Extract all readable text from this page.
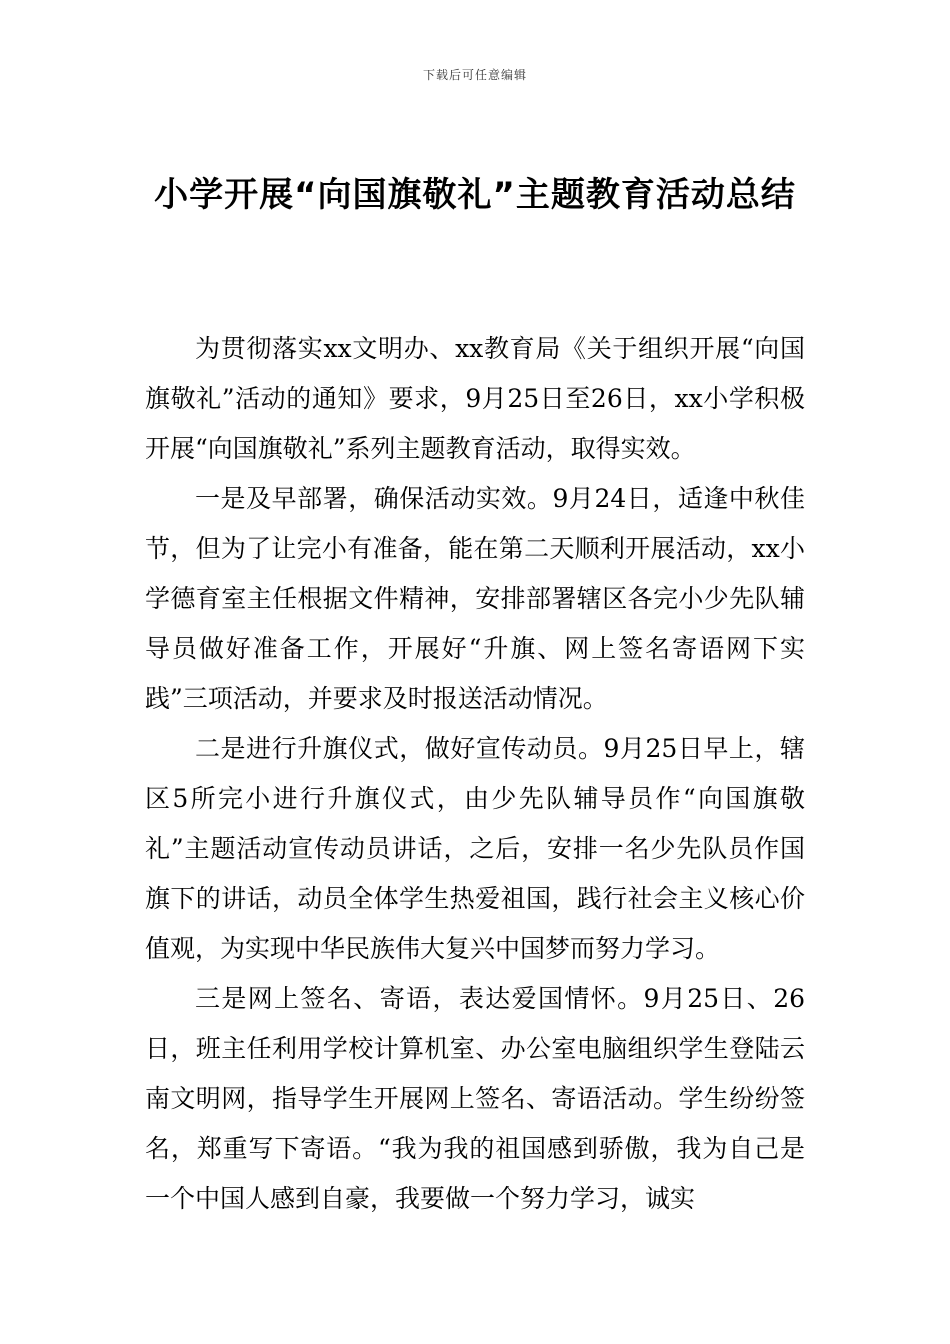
下载后可任意编辑
小学开展“向国旗敬礼”主题教育活动总结

为贯彻落实xx文明办、xx教育局《关于组织开展“向国旗敬礼”活动的通知》要求，9月25日至26日，xx小学积极开展“向国旗敬礼”系列主题教育活动，取得实效。

一是及早部署，确保活动实效。9月24日，适逢中秋佳节，但为了让完小有准备，能在第二天顺利开展活动，xx小学德育室主任根据文件精神，安排部署辖区各完小少先队辅导员做好准备工作，开展好“升旗、网上签名寄语网下实践”三项活动，并要求及时报送活动情况。

二是进行升旗仪式，做好宣传动员。9月25日早上，辖区5所完小进行升旗仪式，由少先队辅导员作“向国旗敬礼”主题活动宣传动员讲话，之后，安排一名少先队员作国旗下的讲话，动员全体学生热爱祖国，践行社会主义核心价值观，为实现中华民族伟大复兴中国梦而努力学习。

三是网上签名、寄语，表达爱国情怀。9月25日、26日，班主任利用学校计算机室、办公室电脑组织学生登陆云南文明网，指导学生开展网上签名、寄语活动。学生纷纷签名，郑重写下寄语。“我为我的祖国感到骄傲，我为自己是一个中国人感到自豪，我要做一个努力学习，诚实
